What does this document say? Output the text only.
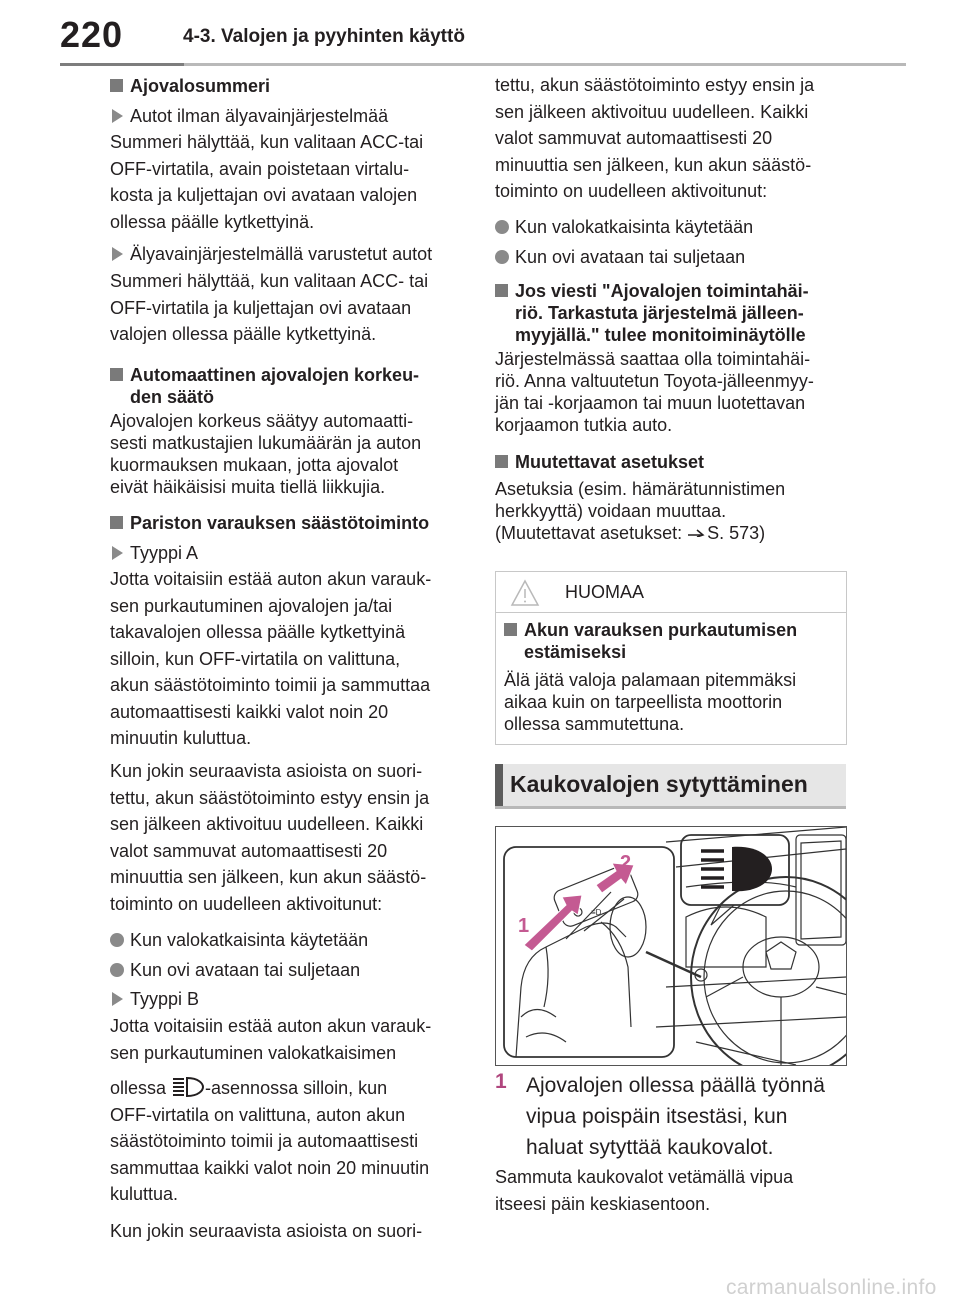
220	4-3. Valojen ja pyyhinten käyttö
Ajovalosummeri
Autot ilman älyavainjärjestelmää

Summeri hälyttää, kun valitaan ACC-tai
OFF-virtatila, avain poistetaan virtalu-
kosta ja kuljettajan ovi avataan valojen
ollessa päälle kytkettyinä.

Älyavainjärjestelmällä varustetut autot

Summeri hälyttää, kun valitaan ACC- tai
OFF-virtatila ja kuljettajan ovi avataan
valojen ollessa päälle kytkettyinä.

Automaattinen ajovalojen korkeu-
den säätö

Ajovalojen korkeus säätyy automaatti-
sesti matkustajien lukumäärän ja auton
kuormauksen mukaan, jotta ajovalot
eivät häikäisisi muita tiellä liikkujia.

Pariston varauksen säästötoiminto
Tyyppi A

Jotta voitaisiin estää auton akun varauk-
sen purkautuminen ajovalojen ja/tai
takavalojen ollessa päälle kytkettyinä
silloin, kun OFF-virtatila on valittuna,
akun säästötoiminto toimii ja sammuttaa
automaattisesti kaikki valot noin 20
minuutin kuluttua.

Kun jokin seuraavista asioista on suori-
tettu, akun säästötoiminto estyy ensin ja
sen jälkeen aktivoituu uudelleen. Kaikki
valot sammuvat automaattisesti 20
minuuttia sen jälkeen, kun akun säästö-
toiminto on uudelleen aktivoitunut:

Kun valokatkaisinta käytetään
Kun ovi avataan tai suljetaan
Tyyppi B

Jotta voitaisiin estää auton akun varauk-
sen purkautuminen valokatkaisimen

ollessa -asennossa silloin, kun
OFF-virtatila on valittuna, auton akun
säästötoiminto toimii ja automaattisesti
sammuttaa kaikki valot noin 20 minuutin
kuluttua.

Kun jokin seuraavista asioista on suori-

tettu, akun säästötoiminto estyy ensin ja
sen jälkeen aktivoituu uudelleen. Kaikki
valot sammuvat automaattisesti 20
minuuttia sen jälkeen, kun akun säästö-
toiminto on uudelleen aktivoitunut:

Kun valokatkaisinta käytetään
Kun ovi avataan tai suljetaan
Jos viesti "Ajovalojen toimintahäi-
riö. Tarkastuta järjestelmä jälleen-
myyjällä." tulee monitoiminäytölle

Järjestelmässä saattaa olla toimintahäi-
riö. Anna valtuutetun Toyota-jälleenmyy-
jän tai -korjaamon tai muun luotettavan
korjaamon tutkia auto.

Muutettavat asetukset

Asetuksia (esim. hämärätunnistimen
herkkyyttä) voidaan muuttaa.
(Muutettavat asetukset: S. 573)

HUOMAA
Akun varauksen purkautumisen
estämiseksi

Älä jätä valoja palamaan pitemmäksi
aikaa kuin on tarpeellista moottorin
ollessa sammutettuna.

Kaukovalojen sytyttäminen
≡D
1
2
1 Ajovalojen ollessa päällä työnnä
vipua poispäin itsestäsi, kun
haluat sytyttää kaukovalot.

Sammuta kaukovalot vetämällä vipua
itseesi päin keskiasentoon.

carmanualsonline.info
